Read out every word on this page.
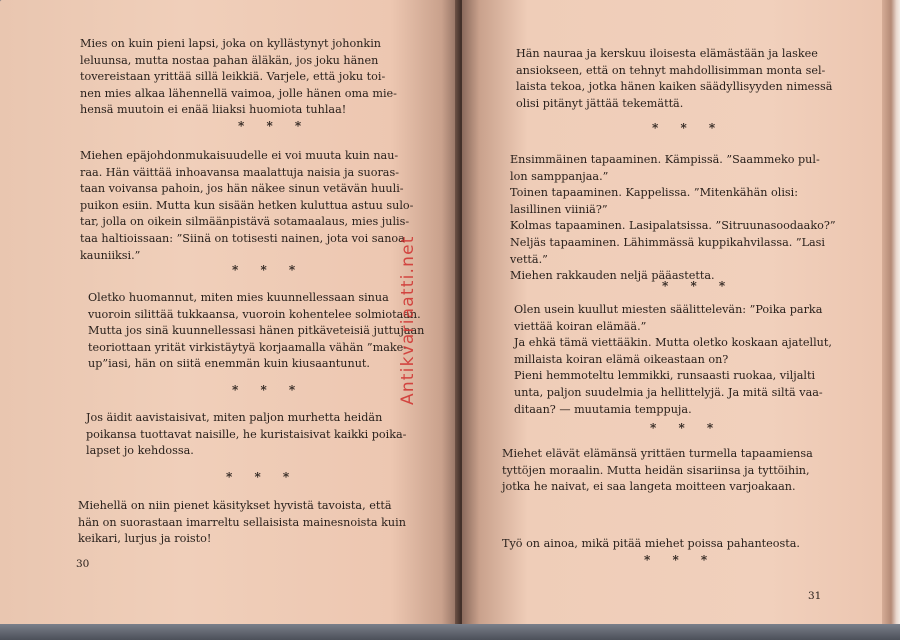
Mies on kuin pieni lapsi, joka on kyllästynyt johonkin
leluunsa, mutta nostaa pahan äläkän, jos joku hänen
tovereistaan yrittää sillä leikkiä. Varjele, että joku toi-
nen mies alkaa lähennellä vaimoa, jolle hänen oma mie-
hensä muutoin ei enää liiaksi huomiota tuhlaa!
* * *
Miehen epäjohdonmukaisuudelle ei voi muuta kuin nau-
raa. Hän väittää inhoavansa maalattuja naisia ja suoras-
taan voivansa pahoin, jos hän näkee sinun vetävän huuli-
puikon esiin. Mutta kun sisään hetken kuluttua astuu sulo-
tar, jolla on oikein silmäänpistävä sotamaalaus, mies julis-
taa haltioissaan: ”Siinä on totisesti nainen, jota voi sanoa
kauniiksi.”
* * *
Oletko huomannut, miten mies kuunnellessaan sinua
vuoroin silittää tukkaansa, vuoroin kohentelee solmiotaan.
Mutta jos sinä kuunnellessasi hänen pitkäveteisiä juttujaan
teoriottaan yrität virkistäytyä korjaamalla vähän ”make-
up”iasi, hän on siitä enemmän kuin kiusaantunut.
* * *
Jos äidit aavistaisivat, miten paljon murhetta heidän
poikansa tuottavat naisille, he kuristaisivat kaikki poika-
lapset jo kehdossa.
* * *
Miehellä on niin pienet käsitykset hyvistä tavoista, että
hän on suorastaan imarreltu sellaisista mainesnoista kuin
keikari, lurjus ja roisto!
30
Hän nauraa ja kerskuu iloisesta elämästään ja laskee
ansiokseen, että on tehnyt mahdollisimman monta sel-
laista tekoa, jotka hänen kaiken säädyllisyyden nimessä
olisi pitänyt jättää tekemättä.
* * *
Ensimmäinen tapaaminen. Kämpissä. ”Saammeko pul-
lon samppanjaa.”
Toinen tapaaminen. Kappelissa. ”Mitenkähän olisi:
lasillinen viiniä?”
Kolmas tapaaminen. Lasipalatsissa. ”Sitruunasoodaako?”
Neljäs tapaaminen. Lähimmässä kuppikahvilassa. ”Lasi
vettä.”
Miehen rakkauden neljä pääastetta.
* * *
Olen usein kuullut miesten säälittelevän: ”Poika parka
viettää koiran elämää.”
Ja ehkä tämä viettääkin. Mutta oletko koskaan ajatellut,
millaista koiran elämä oikeastaan on?
Pieni hemmoteltu lemmikki, runsaasti ruokaa, viljalti
unta, paljon suudelmia ja hellittelyjä. Ja mitä siltä vaa-
ditaan? — muutamia temppuja.
* * *
Miehet elävät elämänsä yrittäen turmella tapaamiensa
tyttöjen moraalin. Mutta heidän sisariinsa ja tyttöihin,
jotka he naivat, ei saa langeta moitteen varjoakaan.
Työ on ainoa, mikä pitää miehet poissa pahanteosta.
* * *
31
Antikvariaatti.net
